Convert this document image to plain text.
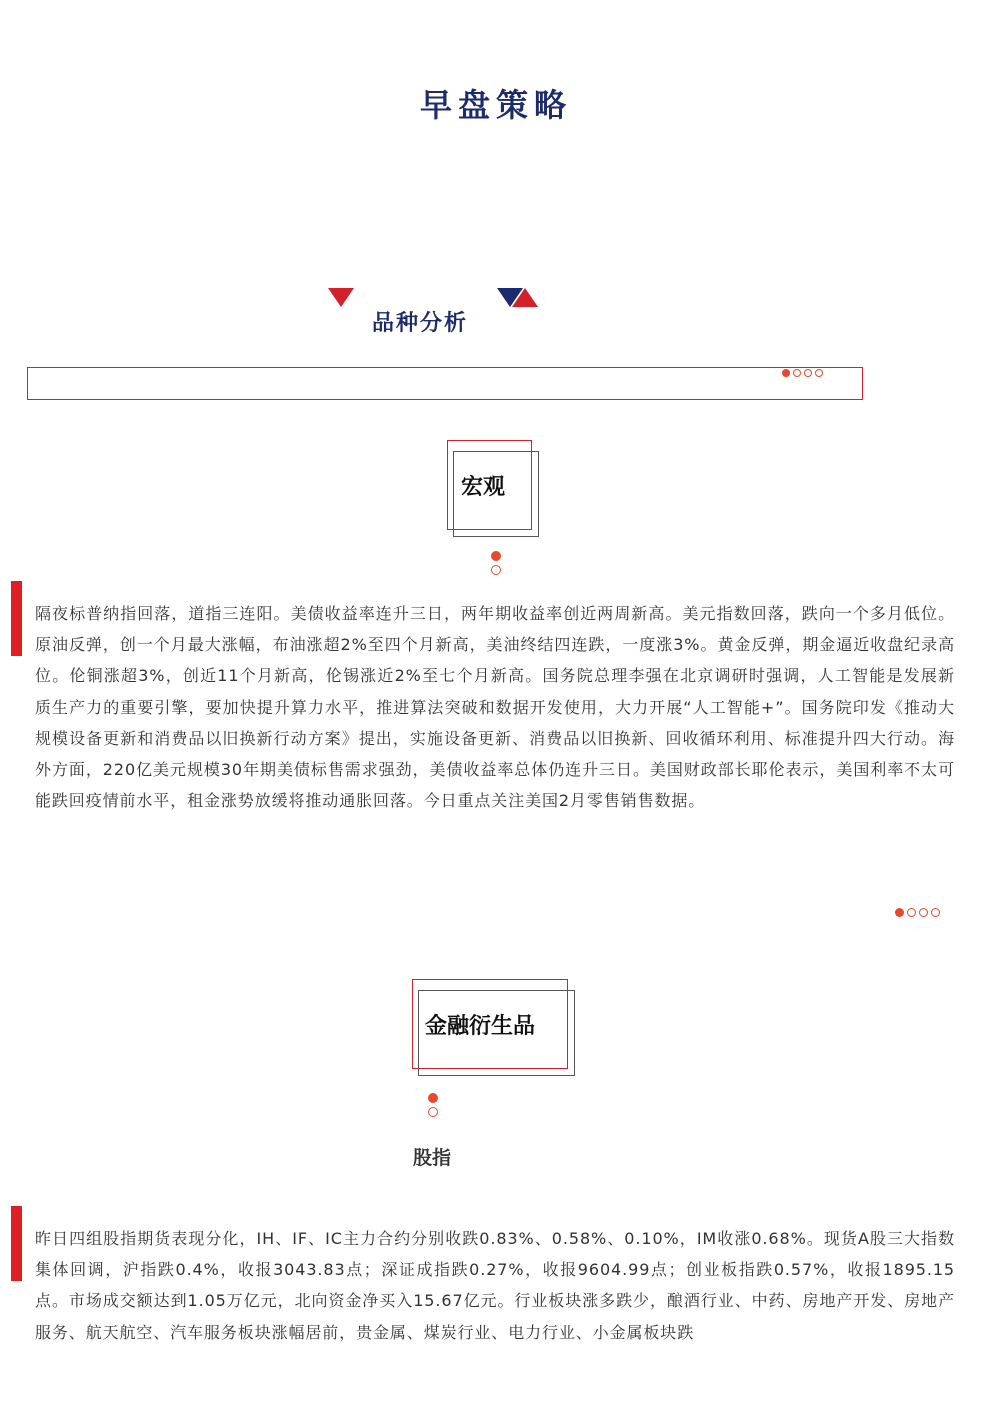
早盘策略
品种分析
宏观
隔夜标普纳指回落，道指三连阳。美债收益率连升三日，两年期收益率创近两周新高。美元指数回落，跌向一个多月低位。原油反弹，创一个月最大涨幅，布油涨超2%至四个月新高，美油终结四连跌，一度涨3%。黄金反弹，期金逼近收盘纪录高位。伦铜涨超3%，创近11个月新高，伦锡涨近2%至七个月新高。国务院总理李强在北京调研时强调，人工智能是发展新质生产力的重要引擎，要加快提升算力水平，推进算法突破和数据开发使用，大力开展“人工智能+”。国务院印发《推动大规模设备更新和消费品以旧换新行动方案》提出，实施设备更新、消费品以旧换新、回收循环利用、标准提升四大行动。海外方面，220亿美元规模30年期美债标售需求强劲，美债收益率总体仍连升三日。美国财政部长耶伦表示，美国利率不太可能跌回疫情前水平，租金涨势放缓将推动通胀回落。今日重点关注美国2月零售销售数据。
金融衍生品
股指
昨日四组股指期货表现分化，IH、IF、IC主力合约分别收跌0.83%、0.58%、0.10%，IM收涨0.68%。现货A股三大指数集体回调，沪指跌0.4%，收报3043.83点；深证成指跌0.27%，收报9604.99点；创业板指跌0.57%，收报1895.15点。市场成交额达到1.05万亿元，北向资金净买入15.67亿元。行业板块涨多跌少，酿酒行业、中药、房地产开发、房地产服务、航天航空、汽车服务板块涨幅居前，贵金属、煤炭行业、电力行业、小金属板块跌
